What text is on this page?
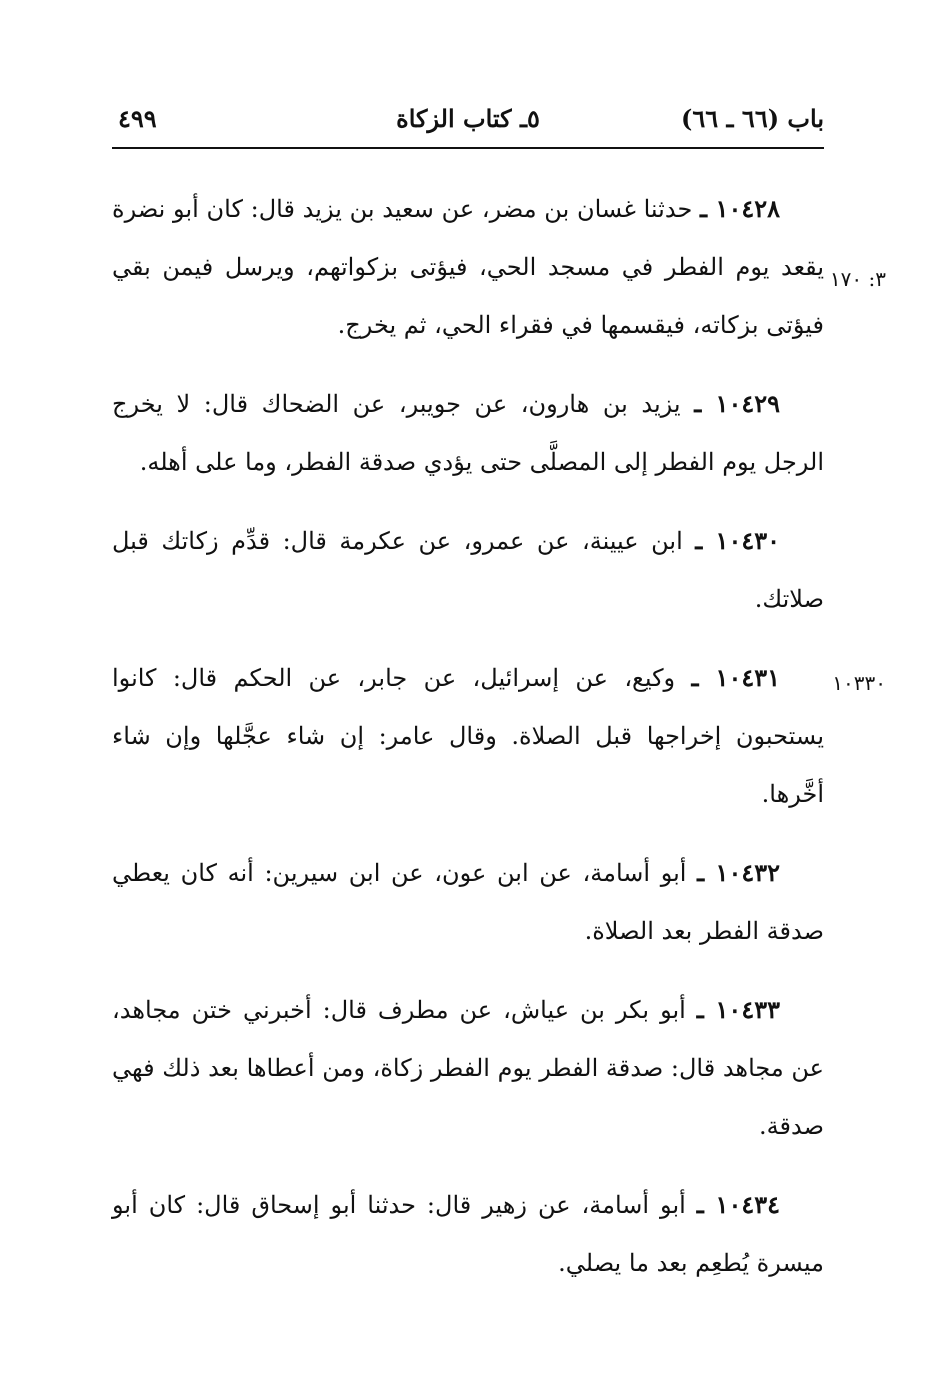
باب (٦٦ ـ ٦٦)
٥ـ كتاب الزكاة
٤٩٩

١٠٤٢٨ ـ حدثنا غسان بن مضر، عن سعيد بن يزيد قال: كان أبو نضرة يقعد يوم الفطر في مسجد الحي، فيؤتى بزكواتهم، ويرسل فيمن بقي فيؤتى بزكاته، فيقسمها في فقراء الحي، ثم يخرج.
٣: ١٧٠

١٠٤٢٩ ـ يزيد بن هارون، عن جويبر، عن الضحاك قال: لا يخرج الرجل يوم الفطر إلى المصلَّى حتى يؤدي صدقة الفطر، وما على أهله.

١٠٤٣٠ ـ ابن عيينة، عن عمرو، عن عكرمة قال: قدِّم زكاتك قبل صلاتك.

١٠٤٣١ ـ وكيع، عن إسرائيل، عن جابر، عن الحكم قال: كانوا يستحبون إخراجها قبل الصلاة. وقال عامر: إن شاء عجَّلها وإن شاء أخَّرها.
١٠٣٣٠

١٠٤٣٢ ـ أبو أسامة، عن ابن عون، عن ابن سيرين: أنه كان يعطي صدقة الفطر بعد الصلاة.

١٠٤٣٣ ـ أبو بكر بن عياش، عن مطرف قال: أخبرني ختن مجاهد، عن مجاهد قال: صدقة الفطر يوم الفطر زكاة، ومن أعطاها بعد ذلك فهي صدقة.

١٠٤٣٤ ـ أبو أسامة، عن زهير قال: حدثنا أبو إسحاق قال: كان أبو ميسرة يُطعِم بعد ما يصلي.
